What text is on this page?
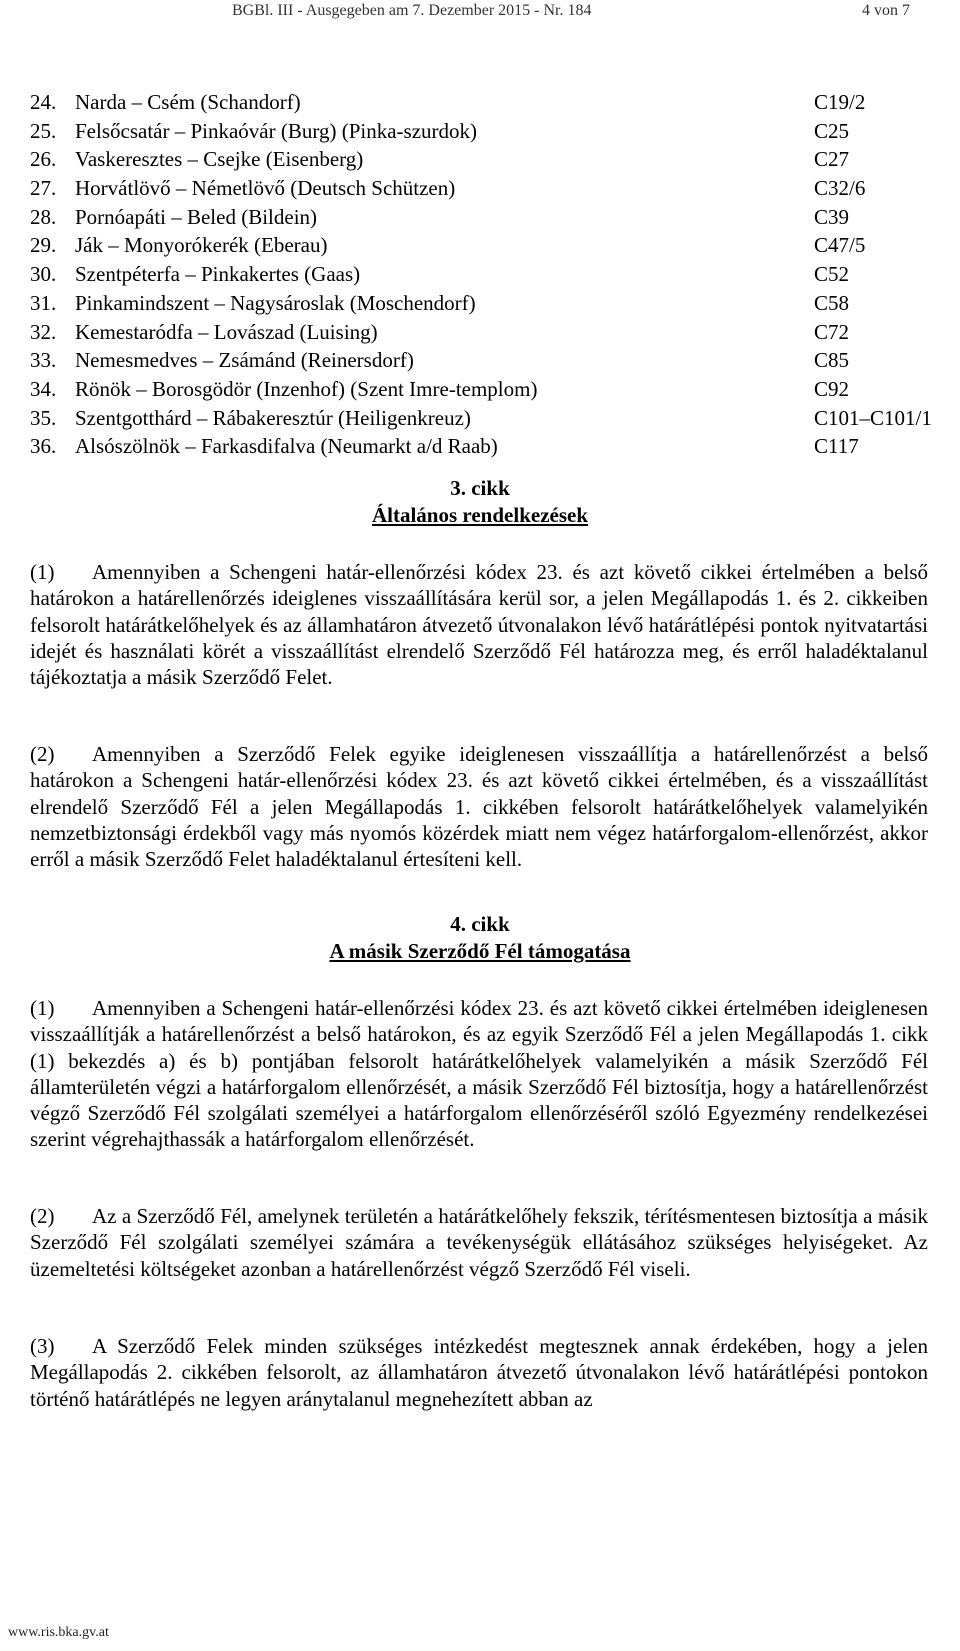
BGBl. III - Ausgegeben am 7. Dezember 2015 - Nr. 184	4 von 7
24. Narda – Csém (Schandorf)	C19/2
25. Felsőcsatár – Pinkaóvár (Burg) (Pinka-szurdok)	C25
26. Vaskeresztes – Csejke (Eisenberg)	C27
27. Horvátlövő – Németlövő (Deutsch Schützen)	C32/6
28. Pornóapáti – Beled (Bildein)	C39
29. Ják – Monyorókerék (Eberau)	C47/5
30. Szentpéterfa – Pinkakertes (Gaas)	C52
31. Pinkamindszent – Nagysároslak (Moschendorf)	C58
32. Kemestaródfa – Lovászad (Luising)	C72
33. Nemesmedves – Zsámánd (Reinersdorf)	C85
34. Rönök – Borosgödör (Inzenhof) (Szent Imre-templom)	C92
35. Szentgotthárd – Rábakeresztúr (Heiligenkreuz)	C101–C101/1
36. Alsószölnök – Farkasdifalva (Neumarkt a/d Raab)	C117
3. cikk
Általános rendelkezések

(1) Amennyiben a Schengeni határ-ellenőrzési kódex 23. és azt követő cikkei értelmében a belső határokon a határellenőrzés ideiglenes visszaállítására kerül sor, a jelen Megállapodás 1. és 2. cikkeiben felsorolt határátkelőhelyek és az államhatáron átvezető útvonalakon lévő határátlépési pontok nyitvatartási idejét és használati körét a visszaállítást elrendelő Szerződő Fél határozza meg, és erről haladéktalanul tájékoztatja a másik Szerződő Felet.

(2) Amennyiben a Szerződő Felek egyike ideiglenesen visszaállítja a határellenőrzést a belső határokon a Schengeni határ-ellenőrzési kódex 23. és azt követő cikkei értelmében, és a visszaállítást elrendelő Szerződő Fél a jelen Megállapodás 1. cikkében felsorolt határátkelőhelyek valamelyikén nemzetbiztonsági érdekből vagy más nyomós közérdek miatt nem végez határforgalom-ellenőrzést, akkor erről a másik Szerződő Felet haladéktalanul értesíteni kell.

4. cikk
A másik Szerződő Fél támogatása

(1) Amennyiben a Schengeni határ-ellenőrzési kódex 23. és azt követő cikkei értelmében ideiglenesen visszaállítják a határellenőrzést a belső határokon, és az egyik Szerződő Fél a jelen Megállapodás 1. cikk (1) bekezdés a) és b) pontjában felsorolt határátkelőhelyek valamelyikén a másik Szerződő Fél államterületén végzi a határforgalom ellenőrzését, a másik Szerződő Fél biztosítja, hogy a határellenőrzést végző Szerződő Fél szolgálati személyei a határforgalom ellenőrzéséről szóló Egyezmény rendelkezései szerint végrehajthassák a határforgalom ellenőrzését.

(2) Az a Szerződő Fél, amelynek területén a határátkelőhely fekszik, térítésmentesen biztosítja a másik Szerződő Fél szolgálati személyei számára a tevékenységük ellátásához szükséges helyiségeket. Az üzemeltetési költségeket azonban a határellenőrzést végző Szerződő Fél viseli.

(3) A Szerződő Felek minden szükséges intézkedést megtesznek annak érdekében, hogy a jelen Megállapodás 2. cikkében felsorolt, az államhatáron átvezető útvonalakon lévő határátlépési pontokon történő határátlépés ne legyen aránytalanul megnehezített abban az

www.ris.bka.gv.at
